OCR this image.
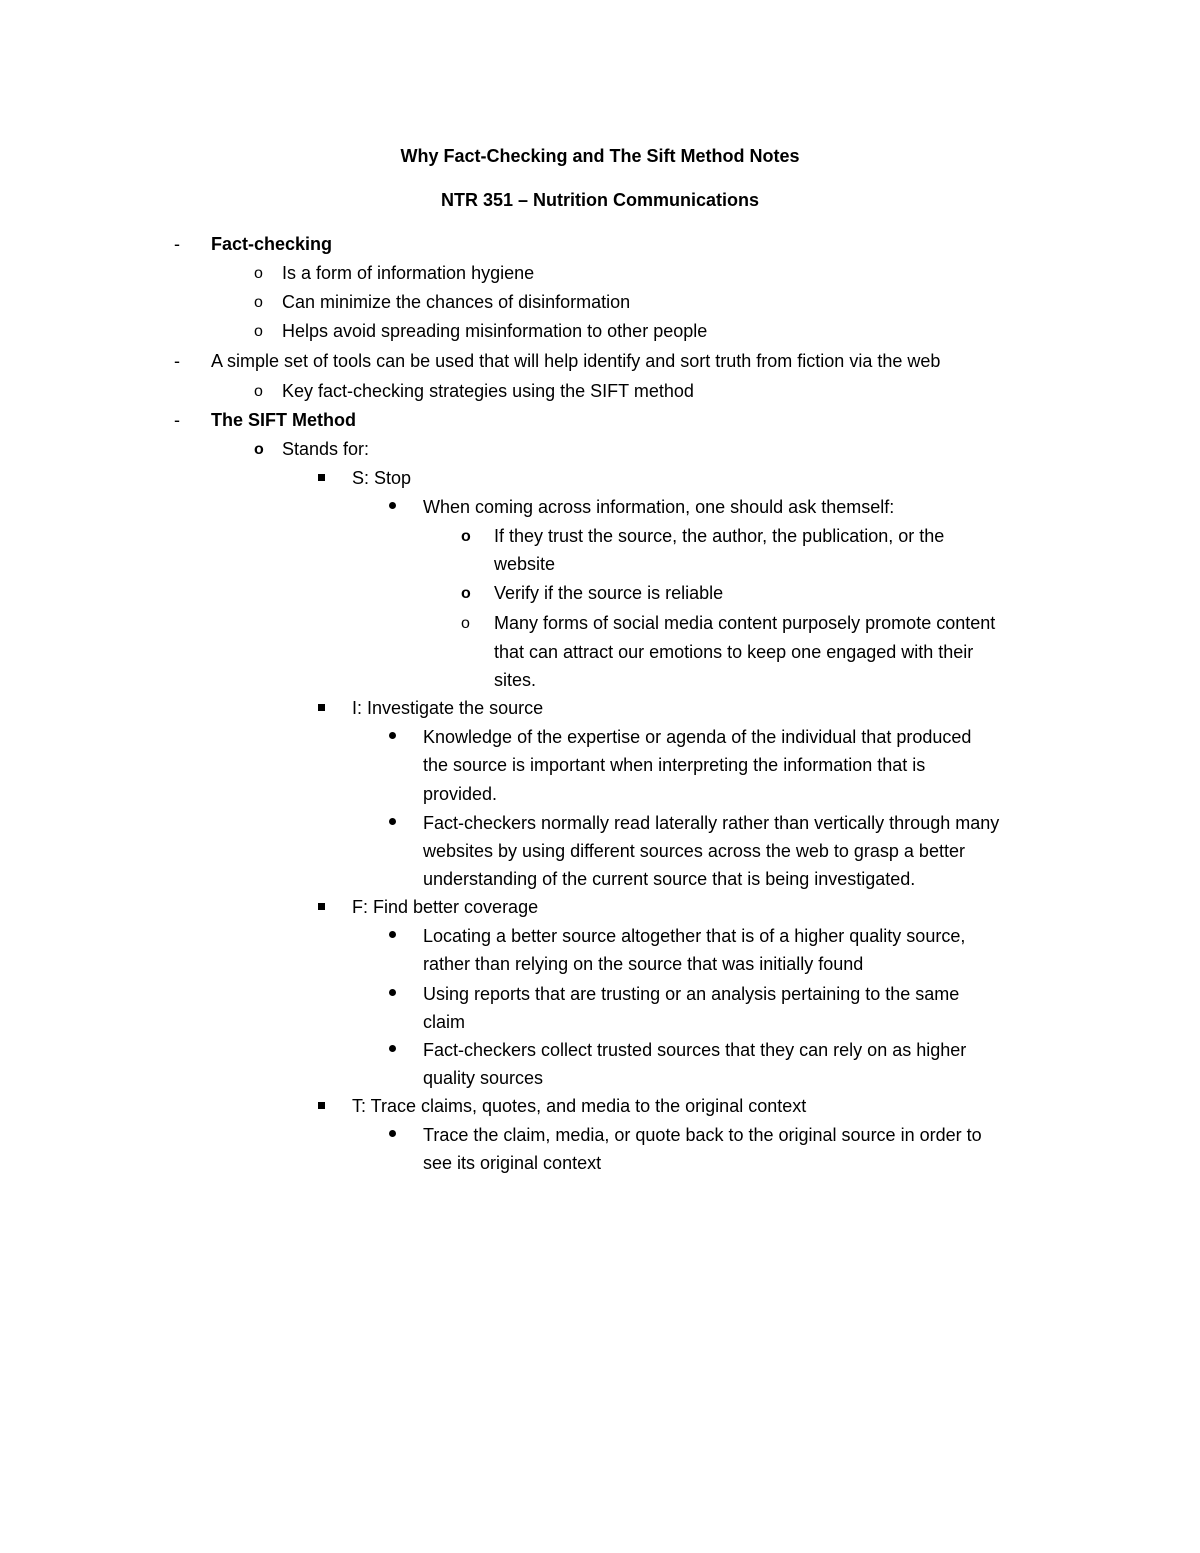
Why Fact-Checking and The Sift Method Notes
NTR 351 – Nutrition Communications
- Fact-checking
o Is a form of information hygiene
o Can minimize the chances of disinformation
o Helps avoid spreading misinformation to other people
- A simple set of tools can be used that will help identify and sort truth from fiction via the web
o Key fact-checking strategies using the SIFT method
- The SIFT Method
o Stands for:
S: Stop
When coming across information, one should ask themself:
o If they trust the source, the author, the publication, or the
website
o Verify if the source is reliable
o Many forms of social media content purposely promote content
that can attract our emotions to keep one engaged with their
sites.
I: Investigate the source
Knowledge of the expertise or agenda of the individual that produced
the source is important when interpreting the information that is
provided.
Fact-checkers normally read laterally rather than vertically through many
websites by using different sources across the web to grasp a better
understanding of the current source that is being investigated.
F: Find better coverage
Locating a better source altogether that is of a higher quality source,
rather than relying on the source that was initially found
Using reports that are trusting or an analysis pertaining to the same
claim
Fact-checkers collect trusted sources that they can rely on as higher
quality sources
T: Trace claims, quotes, and media to the original context
Trace the claim, media, or quote back to the original source in order to
see its original context
